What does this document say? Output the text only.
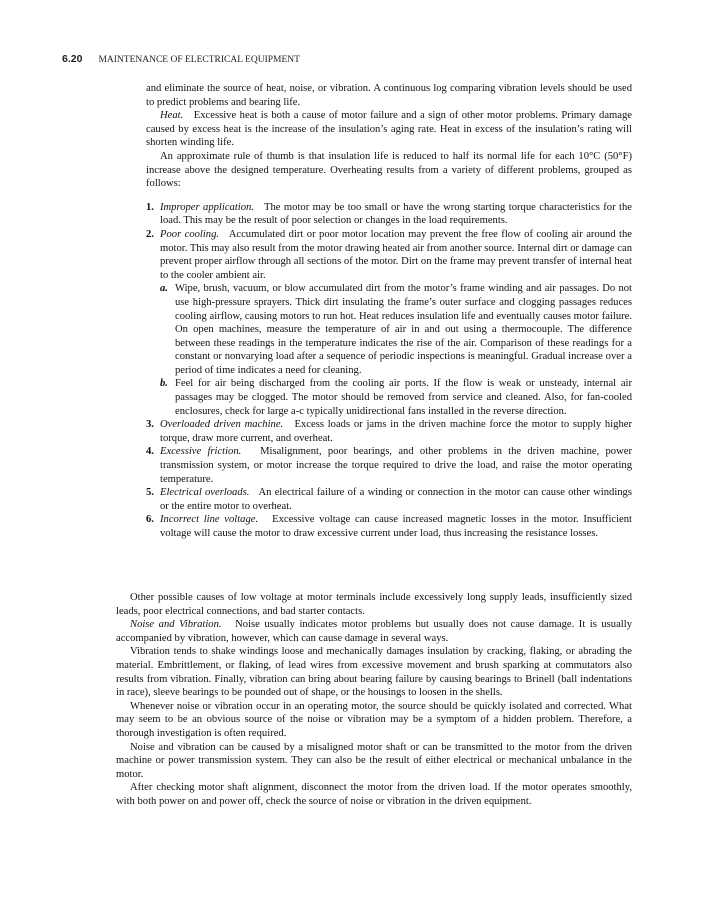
6.20 MAINTENANCE OF ELECTRICAL EQUIPMENT

and eliminate the source of heat, noise, or vibration. A continuous log comparing vibration levels should be used to predict problems and bearing life.

Heat. Excessive heat is both a cause of motor failure and a sign of other motor problems. Primary damage caused by excess heat is the increase of the insulation’s aging rate. Heat in excess of the insulation’s rating will shorten winding life.

An approximate rule of thumb is that insulation life is reduced to half its normal life for each 10°C (50°F) increase above the designed temperature. Overheating results from a variety of different problems, grouped as follows:

1. Improper application. The motor may be too small or have the wrong starting torque characteristics for the load. This may be the result of poor selection or changes in the load requirements.
2. Poor cooling. Accumulated dirt or poor motor location may prevent the free flow of cooling air around the motor. This may also result from the motor drawing heated air from another source. Internal dirt or damage can prevent proper airflow through all sections of the motor. Dirt on the frame may prevent transfer of internal heat to the cooler ambient air.
a. Wipe, brush, vacuum, or blow accumulated dirt from the motor’s frame winding and air passages. Do not use high-pressure sprayers. Thick dirt insulating the frame’s outer surface and clogging passages reduces cooling airflow, causing motors to run hot. Heat reduces insulation life and eventually causes motor failure. On open machines, measure the temperature of air in and out using a thermocouple. The difference between these readings in the temperature indicates the rise of the air. Comparison of these readings for a constant or nonvarying load after a sequence of periodic inspections is meaningful. Gradual increase over a period of time indicates a need for cleaning.
b. Feel for air being discharged from the cooling air ports. If the flow is weak or unsteady, internal air passages may be clogged. The motor should be removed from service and cleaned. Also, for fan-cooled enclosures, check for large a-c typically unidirectional fans installed in the reverse direction.
3. Overloaded driven machine. Excess loads or jams in the driven machine force the motor to supply higher torque, draw more current, and overheat.
4. Excessive friction. Misalignment, poor bearings, and other problems in the driven machine, power transmission system, or motor increase the torque required to drive the load, and raise the motor operating temperature.
5. Electrical overloads. An electrical failure of a winding or connection in the motor can cause other windings or the entire motor to overheat.
6. Incorrect line voltage. Excessive voltage can cause increased magnetic losses in the motor. Insufficient voltage will cause the motor to draw excessive current under load, thus increasing the resistance losses.

Other possible causes of low voltage at motor terminals include excessively long supply leads, insufficiently sized leads, poor electrical connections, and bad starter contacts.

Noise and Vibration. Noise usually indicates motor problems but usually does not cause damage. It is usually accompanied by vibration, however, which can cause damage in several ways.

Vibration tends to shake windings loose and mechanically damages insulation by cracking, flaking, or abrading the material. Embrittlement, or flaking, of lead wires from excessive movement and brush sparking at commutators also results from vibration. Finally, vibration can bring about bearing failure by causing bearings to Brinell (ball indentations in race), sleeve bearings to be pounded out of shape, or the housings to loosen in the shells.

Whenever noise or vibration occur in an operating motor, the source should be quickly isolated and corrected. What may seem to be an obvious source of the noise or vibration may be a symptom of a hidden problem. Therefore, a thorough investigation is often required.

Noise and vibration can be caused by a misaligned motor shaft or can be transmitted to the motor from the driven machine or power transmission system. They can also be the result of either electrical or mechanical unbalance in the motor.

After checking motor shaft alignment, disconnect the motor from the driven load. If the motor operates smoothly, with both power on and power off, check the source of noise or vibration in the driven equipment.
